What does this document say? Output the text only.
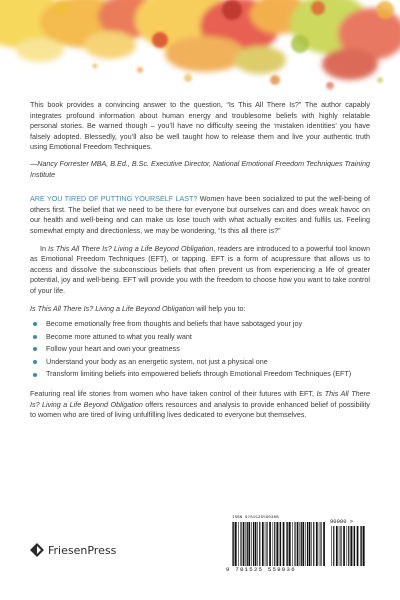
This book provides a convincing answer to the question, “Is This All There Is?” The author capably integrates profound information about human energy and troublesome beliefs with highly relatable personal stories. Be warned though – you’ll have no difficulty seeing the ‘mistaken identities’ you have falsely adopted. Blessedly, you’ll also be well taught how to release them and live your authentic truth using Emotional Freedom Techniques.

—Nancy Forrester MBA, B.Ed., B.Sc. Executive Director, National Emotional Freedom Techniques Training Institute

ARE YOU TIRED OF PUTTING YOURSELF LAST? Women have been socialized to put the well-being of others first. The belief that we need to be there for everyone but ourselves can and does wreak havoc on our health and well-being and can make us lose touch with what actually excites and fulfils us. Feeling somewhat empty and directionless, we may be wondering, “Is this all there is?”

In Is This All There Is? Living a Life Beyond Obligation, readers are introduced to a powerful tool known as Emotional Freedom Techniques (EFT), or tapping. EFT is a form of acupressure that allows us to access and dissolve the subconscious beliefs that often prevent us from experiencing a life of greater potential, joy and well-being. EFT will provide you with the freedom to choose how you want to take control of your life.

Is This All There Is? Living a Life Beyond Obligation will help you to:

Become emotionally free from thoughts and beliefs that have sabotaged your joy
Become more attuned to what you really want
Follow your heart and own your greatness
Understand your body as an energetic system, not just a physical one
Transform limiting beliefs into empowered beliefs through Emotional Freedom Techniques (EFT)

Featuring real life stories from women who have taken control of their futures with EFT, Is This All There Is? Living a Life Beyond Obligation offers resources and analysis to provide enhanced belief of possibility to women who are tired of living unfulfilling lives dedicated to everyone but themselves.

FriesenPress
ISBN 978152559036B	90000 >
9 781525 559036
